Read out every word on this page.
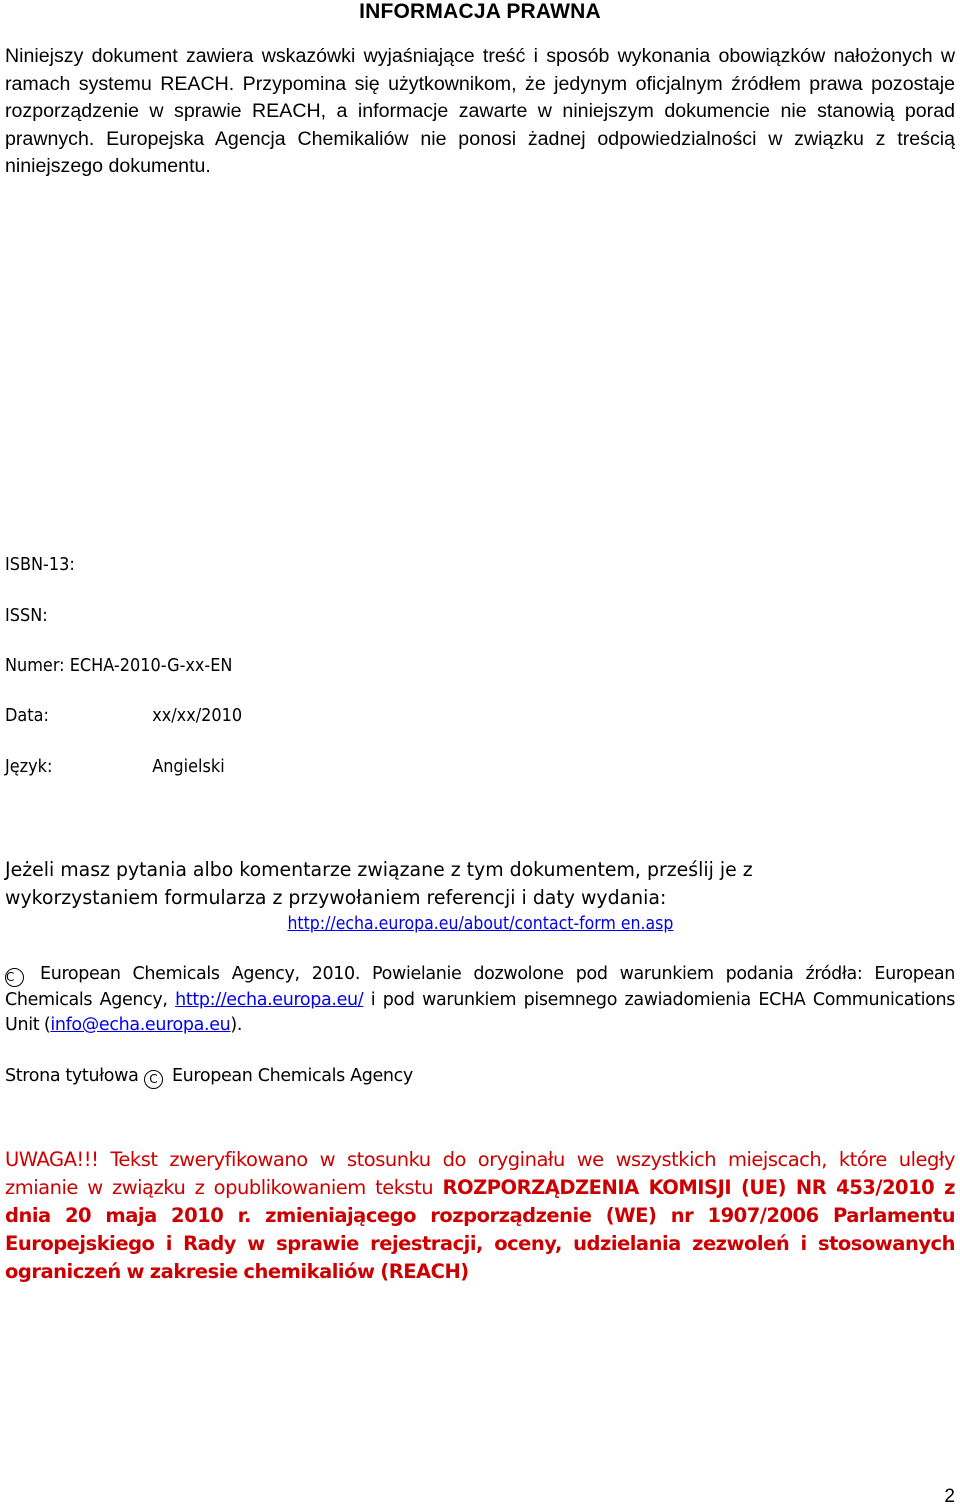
INFORMACJA PRAWNA

Niniejszy dokument zawiera wskazówki wyjaśniające treść i sposób wykonania obowiązków nałożonych w ramach systemu REACH. Przypomina się użytkownikom, że jedynym oficjalnym źródłem prawa pozostaje rozporządzenie w sprawie REACH, a informacje zawarte w niniejszym dokumencie nie stanowią porad prawnych. Europejska Agencja Chemikaliów nie ponosi żadnej odpowiedzialności w związku z treścią niniejszego dokumentu.

ISBN-13:
ISSN:
Numer: ECHA-2010-G-xx-EN
Data:	xx/xx/2010
Język:	Angielski
Jeżeli masz pytania albo komentarze związane z tym dokumentem, prześlij je z
wykorzystaniem formularza z przywołaniem referencji i daty wydania:
http://echa.europa.eu/about/contact-form en.asp

C European Chemicals Agency, 2010. Powielanie dozwolone pod warunkiem podania źródła: European Chemicals Agency, http://echa.europa.eu/ i pod warunkiem pisemnego zawiadomienia ECHA Communications Unit (info@echa.europa.eu).

Strona tytułowa C European Chemicals Agency

UWAGA!!! Tekst zweryfikowano w stosunku do oryginału we wszystkich miejscach, które uległy zmianie w związku z opublikowaniem tekstu ROZPORZĄDZENIA KOMISJI (UE) NR 453/2010 z dnia 20 maja 2010 r. zmieniającego rozporządzenie (WE) nr 1907/2006 Parlamentu Europejskiego i Rady w sprawie rejestracji, oceny, udzielania zezwoleń i stosowanych ograniczeń w zakresie chemikaliów (REACH)

2
